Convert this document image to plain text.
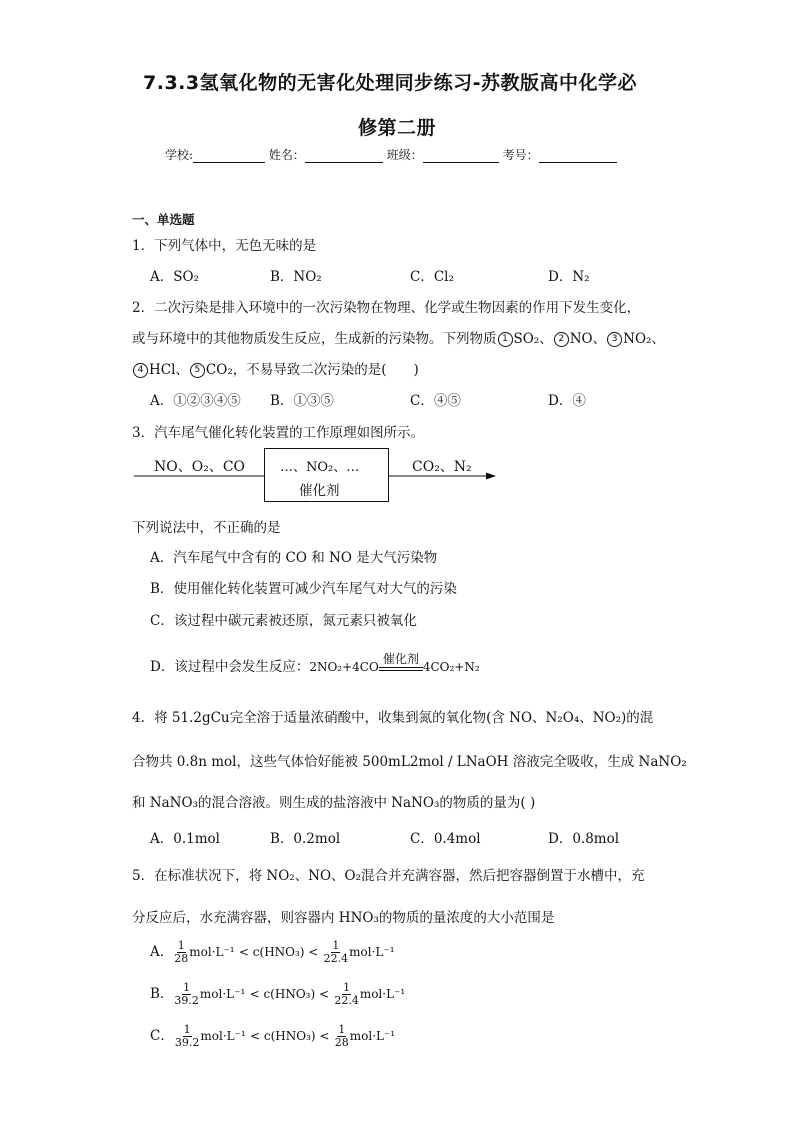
7.3.3氢氧化物的无害化处理同步练习-苏教版高中化学必
修第二册
学校:	姓名：	班级：	考号：
一、单选题
1．下列气体中，无色无味的是
A．SO₂	B．NO₂	C．Cl₂	D．N₂
2．二次污染是排入环境中的一次污染物在物理、化学或生物因素的作用下发生变化，
或与环境中的其他物质发生反应，生成新的污染物。下列物质 1 SO₂、 2 NO、 3 NO₂、
4 HCl、 5 CO₂，不易导致二次污染的是(　　)
A．①②③④⑤ B．①③⑤	C．④⑤	D．④
3．汽车尾气催化转化装置的工作原理如图所示。
NO、O₂、CO	…、NO₂、…
催化剂
CO₂、N₂
下列说法中，不正确的是
A．汽车尾气中含有的 CO 和 NO 是大气污染物
B．使用催化转化装置可减少汽车尾气对大气的污染
C．该过程中碳元素被还原，氮元素只被氧化
D．该过程中会发生反应：2NO₂+4CO
催化剂
4CO₂+N₂
4．将 51.2gCu完全溶于适量浓硝酸中，收集到氮的氧化物(含 NO、N₂O₄、NO₂)的混
合物共 0.8n mol，这些气体恰好能被 500mL2mol / LNaOH 溶液完全吸收，生成 NaNO₂
和 NaNO₃的混合溶液。则生成的盐溶液中 NaNO₃的物质的量为( )
A．0.1mol	B．0.2mol	C．0.4mol	D．0.8mol
5．在标准状况下，将 NO₂、NO、O₂混合并充满容器，然后把容器倒置于水槽中，充
分反应后，水充满容器，则容器内 HNO₃的物质的量浓度的大小范围是
A． $\frac{1}{28} mol\cdot L^{-1} < c(HNO_3) < \frac{1}{22.4} mol\cdot L^{-1}$
B． $\frac{1}{39.2} mol\cdot L^{-1} < c(HNO_3) < \frac{1}{22.4} mol\cdot L^{-1}$
C． $\frac{1}{39.2} mol\cdot L^{-1} < c(HNO_3) < \frac{1}{28} mol\cdot L^{-1}$
